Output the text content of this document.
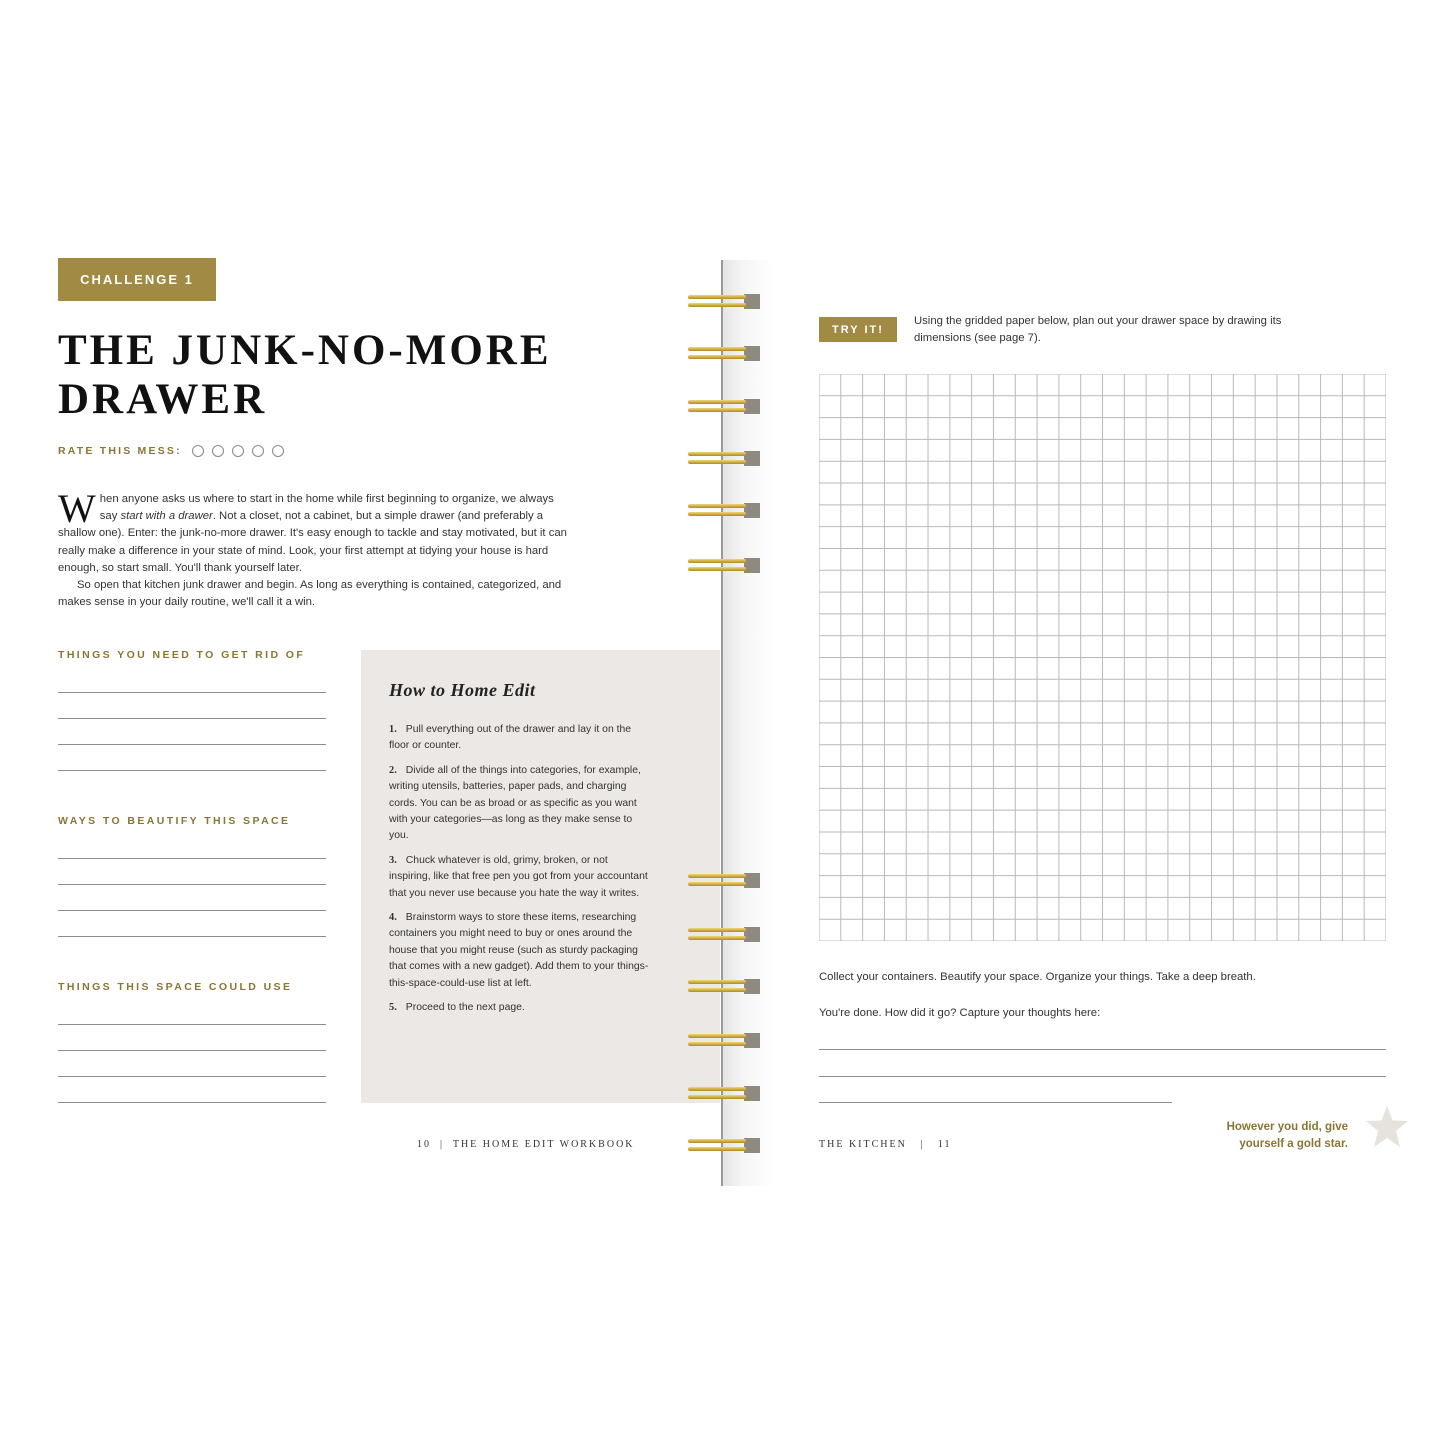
CHALLENGE 1
THE JUNK-NO-MORE
DRAWER
RATE THIS MESS:

When anyone asks us where to start in the home while first beginning to organize, we always say start with a drawer. Not a closet, not a cabinet, but a simple drawer (and preferably a shallow one). Enter: the junk-no-more drawer. It's easy enough to tackle and stay motivated, but it can really make a difference in your state of mind. Look, your first attempt at tidying your house is hard enough, so start small. You'll thank yourself later.

So open that kitchen junk drawer and begin. As long as everything is contained, categorized, and makes sense in your daily routine, we'll call it a win.

THINGS YOU NEED TO GET RID OF
WAYS TO BEAUTIFY THIS SPACE
THINGS THIS SPACE COULD USE
How to Home Edit
1. Pull everything out of the drawer and lay it on the floor or counter.
2. Divide all of the things into categories, for example, writing utensils, batteries, paper pads, and charging cords. You can be as broad or as specific as you want with your categories—as long as they make sense to you.
3. Chuck whatever is old, grimy, broken, or not inspiring, like that free pen you got from your accountant that you never use because you hate the way it writes.
4. Brainstorm ways to store these items, researching containers you might need to buy or ones around the house that you might reuse (such as sturdy packaging that comes with a new gadget). Add them to your things-this-space-could-use list at left.
5. Proceed to the next page.
10 | THE HOME EDIT WORKBOOK
TRY IT!

Using the gridded paper below, plan out your drawer space by drawing its dimensions (see page 7).

Collect your containers. Beautify your space. Organize your things. Take a deep breath.
You're done. How did it go? Capture your thoughts here:
THE KITCHEN | 11
However you did, give
yourself a gold star.
